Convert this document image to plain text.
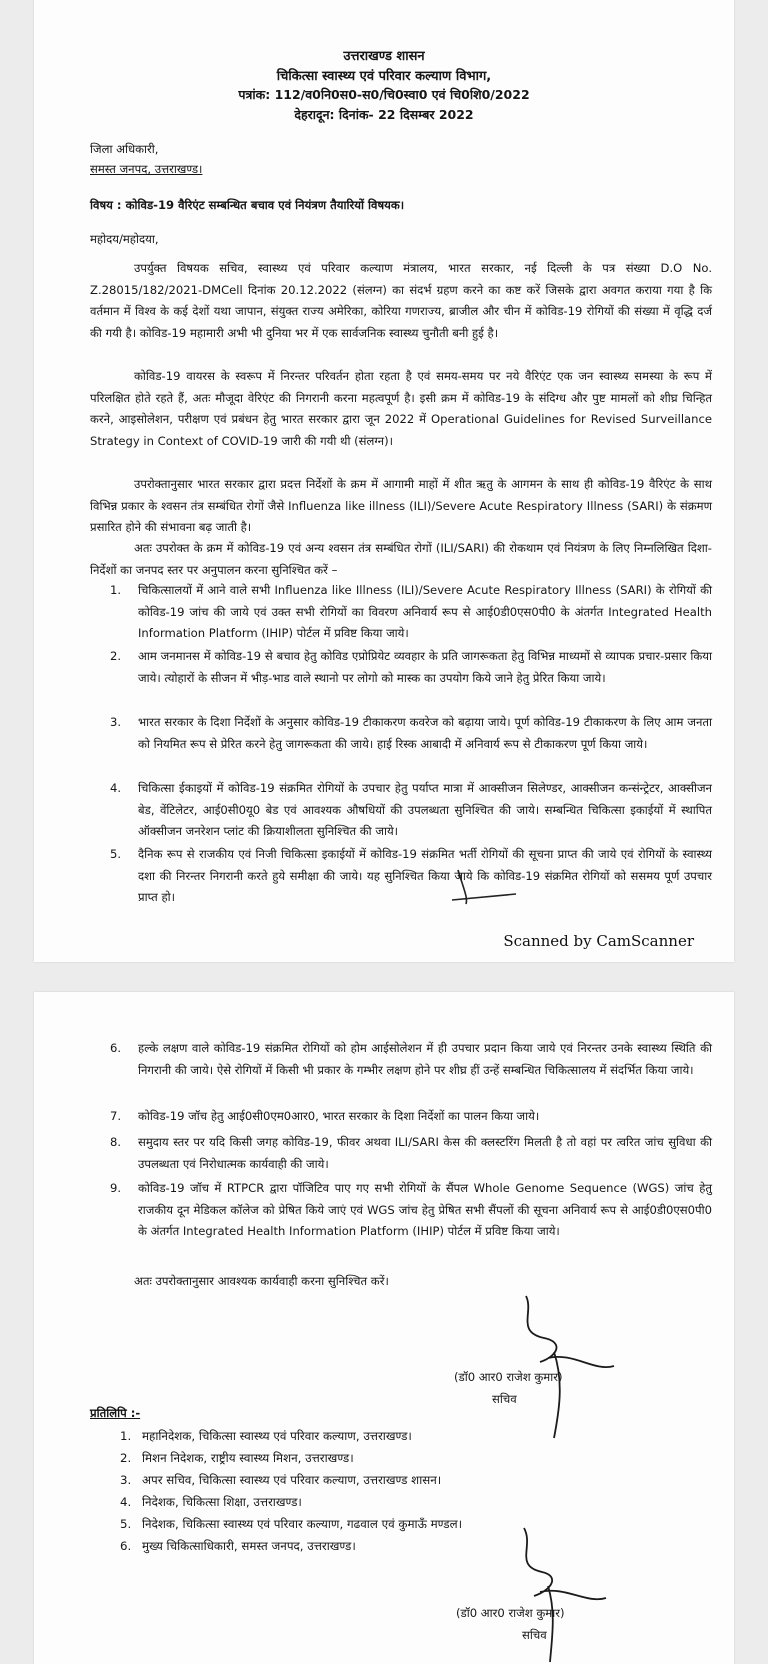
उत्तराखण्ड शासन
चिकित्सा स्वास्थ्य एवं परिवार कल्याण विभाग,
पत्रांक: 112/व0नि0स0-स0/चि0स्वा0 एवं चि0शि0/2022
देहरादून: दिनांक- 22 दिसम्बर 2022
जिला अधिकारी,
समस्त जनपद, उत्तराखण्ड।
विषय : कोविड-19 वैरिएंट सम्बन्धित बचाव एवं नियंत्रण तैयारियों विषयक।
महोदय/महोदया,
उपर्युक्त विषयक सचिव, स्वास्थ्य एवं परिवार कल्याण मंत्रालय, भारत सरकार, नई दिल्ली के पत्र संख्या D.O No. Z.28015/182/2021-DMCell दिनांक 20.12.2022 (संलग्न) का संदर्भ ग्रहण करने का कष्ट करें जिसके द्वारा अवगत कराया गया है कि वर्तमान में विश्व के कई देशों यथा जापान, संयुक्त राज्य अमेरिका, कोरिया गणराज्य, ब्राजील और चीन में कोविड-19 रोगियों की संख्या में वृद्धि दर्ज की गयी है। कोविड-19 महामारी अभी भी दुनिया भर में एक सार्वजनिक स्वास्थ्य चुनौती बनी हुई है।
कोविड-19 वायरस के स्वरूप में निरन्तर परिवर्तन होता रहता है एवं समय-समय पर नये वैरिएंट एक जन स्वास्थ्य समस्या के रूप में परिलक्षित होते रहते हैं, अतः मौजूदा वेरिएंट की निगरानी करना महत्वपूर्ण है। इसी क्रम में कोविड-19 के संदिग्ध और पुष्ट मामलों को शीघ्र चिन्हित करने, आइसोलेशन, परीक्षण एवं प्रबंधन हेतु भारत सरकार द्वारा जून 2022 में Operational Guidelines for Revised Surveillance Strategy in Context of COVID-19 जारी की गयी थी (संलग्न)।
उपरोक्तानुसार भारत सरकार द्वारा प्रदत्त निर्देशों के क्रम में आगामी माहों में शीत ऋतु के आगमन के साथ ही कोविड-19 वैरिएंट के साथ विभिन्न प्रकार के श्वसन तंत्र सम्बंधित रोगों जैसे Influenza like illness (ILI)/Severe Acute Respiratory Illness (SARI) के संक्रमण प्रसारित होने की संभावना बढ़ जाती है।
अतः उपरोक्त के क्रम में कोविड-19 एवं अन्य श्वसन तंत्र सम्बंधित रोगों (ILI/SARI) की रोकथाम एवं नियंत्रण के लिए निम्नलिखित दिशा-निर्देशों का जनपद स्तर पर अनुपालन करना सुनिश्चित करें –
1. चिकित्सालयों में आने वाले सभी Influenza like Illness (ILI)/Severe Acute Respiratory Illness (SARI) के रोगियों की कोविड-19 जांच की जाये एवं उक्त सभी रोगियों का विवरण अनिवार्य रूप से आई0डी0एस0पी0 के अंतर्गत Integrated Health Information Platform (IHIP) पोर्टल में प्रविष्ट किया जाये।
2. आम जनमानस में कोविड-19 से बचाव हेतु कोविड एप्रोप्रियेट व्यवहार के प्रति जागरूकता हेतु विभिन्न माध्यमों से व्यापक प्रचार-प्रसार किया जाये। त्योहारों के सीजन में भीड़-भाड वाले स्थानो पर लोगो को मास्क का उपयोग किये जाने हेतु प्रेरित किया जाये।
3. भारत सरकार के दिशा निर्देशों के अनुसार कोविड-19 टीकाकरण कवरेज को बढ़ाया जाये। पूर्ण कोविड-19 टीकाकरण के लिए आम जनता को नियमित रूप से प्रेरित करने हेतु जागरूकता की जाये। हाई रिस्क आबादी में अनिवार्य रूप से टीकाकरण पूर्ण किया जाये।
4. चिकित्सा ईकाइयों में कोविड-19 संक्रमित रोगियों के उपचार हेतु पर्याप्त मात्रा में आक्सीजन सिलेण्डर, आक्सीजन कन्संन्ट्रेटर, आक्सीजन बेड, वेंटिलेटर, आई0सी0यू0 बेड एवं आवश्यक औषधियों की उपलब्धता सुनिश्चित की जाये। सम्बन्धित चिकित्सा इकाईयों में स्थापित ऑक्सीजन जनरेशन प्लांट की क्रियाशीलता सुनिश्चित की जाये।
5. दैनिक रूप से राजकीय एवं निजी चिकित्सा इकाईयों में कोविड-19 संक्रमित भर्ती रोगियों की सूचना प्राप्त की जाये एवं रोगियों के स्वास्थ्य दशा की निरन्तर निगरानी करते हुये समीक्षा की जाये। यह सुनिश्चित किया जाये कि कोविड-19 संक्रमित रोगियों को ससमय पूर्ण उपचार प्राप्त हो।
Scanned by CamScanner
6. हल्के लक्षण वाले कोविड-19 संक्रमित रोगियों को होम आईसोलेशन में ही उपचार प्रदान किया जाये एवं निरन्तर उनके स्वास्थ्य स्थिति की निगरानी की जाये। ऐसे रोगियों में किसी भी प्रकार के गम्भीर लक्षण होने पर शीघ्र हीं उन्हें सम्बन्धित चिकित्सालय में संदर्भित किया जाये।
7. कोविड-19 जॉच हेतु आई0सी0एम0आर0, भारत सरकार के दिशा निर्देशों का पालन किया जाये।
8. समुदाय स्तर पर यदि किसी जगह कोविड-19, फीवर अथवा ILI/SARI केस की क्लस्टरिंग मिलती है तो वहां पर त्वरित जांच सुविधा की उपलब्धता एवं निरोधात्मक कार्यवाही की जाये।
9. कोविड-19 जॉच में RTPCR द्वारा पॉजिटिव पाए गए सभी रोगियों के सैंपल Whole Genome Sequence (WGS) जांच हेतु राजकीय दून मेडिकल कॉलेज को प्रेषित किये जाएं एवं WGS जांच हेतु प्रेषित सभी सैंपलों की सूचना अनिवार्य रूप से आई0डी0एस0पी0 के अंतर्गत Integrated Health Information Platform (IHIP) पोर्टल में प्रविष्ट किया जाये।
अतः उपरोक्तानुसार आवश्यक कार्यवाही करना सुनिश्चित करें।
(डॉ0 आर0 राजेश कुमार)
सचिव
प्रतिलिपि :-
1. महानिदेशक, चिकित्सा स्वास्थ्य एवं परिवार कल्याण, उत्तराखण्ड।
2. मिशन निदेशक, राष्ट्रीय स्वास्थ्य मिशन, उत्तराखण्ड।
3. अपर सचिव, चिकित्सा स्वास्थ्य एवं परिवार कल्याण, उत्तराखण्ड शासन।
4. निदेशक, चिकित्सा शिक्षा, उत्तराखण्ड।
5. निदेशक, चिकित्सा स्वास्थ्य एवं परिवार कल्याण, गढवाल एवं कुमाऊँ मण्डल।
6. मुख्य चिकित्साधिकारी, समस्त जनपद, उत्तराखण्ड।
(डॉ0 आर0 राजेश कुमार)
सचिव
